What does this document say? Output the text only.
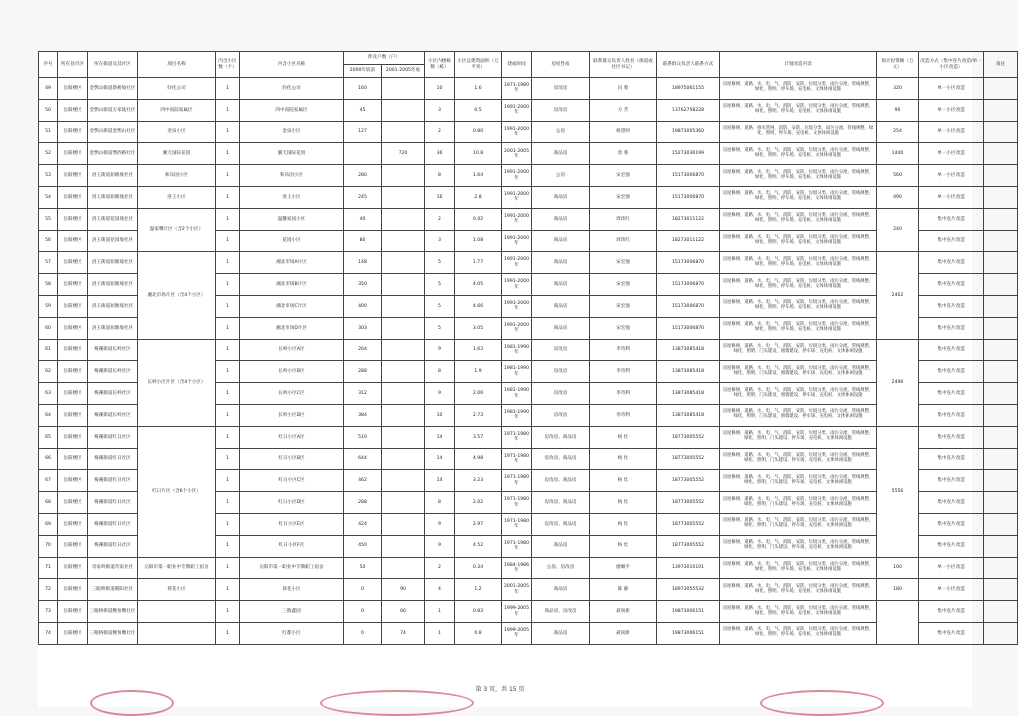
序号	所在县市区	所在街道及其社区	项目名称	内含小区数（个）	内含小区名称	涉及户数（户）		小区内楼栋数（栋）	小区总建筑面积（万平米）	建成时间	房屋性质	联系群众负责人姓名（街道或社区书记）	联系群众负责人联系方式	计划改造内容	预计投资额（万元）	改造方式（集中连片改造/单一小区改造）	备注
						2000年底前	2001-2005年底										
49	岳阳楼区	金鹗山街道新桥坡社区	轻化公司	1	轻化公司	160		10	1.6	1971-1980年	房改房	冯 蓉	18975061155	房屋修缮、道路、水、电、气、消防、安防、垃圾分类、雨污分流、管线规整、绿化、照明、停车场、充电桩、文体休闲设施	320	单一小区改造	
50	岳阳楼区	金鹗山街道万家垅社区	四中南院家属区	1	四中南院家属区	45		3	0.5	1991-2000年	房改房	方 芳	13762758228	房屋修缮、道路、水、电、气、消防、安防、垃圾分类、雨污分流、管线规整、绿化、照明、停车场、充电桩、文体休闲设施	90	单一小区改造	
51	岳阳楼区	金鹗山街道金鹗山社区	金泉小区	1	金泉小区	127		2	0.80	1991-2000年	公房	杨望则	19873005360	房屋修缮、道路、排水管网、消防、安防、垃圾分类、雨污分流、管线规整、绿化、照明、停车场、充电桩、文体休闲设施	254	单一小区改造	
52	岳阳楼区	金鹗山街道鹗西路社区	湘天国际花园	1	湘天国际花园		720	36	10.8	2001-2005年	商品房	余 蓉	15273036199	房屋修缮、道路、水、电、气、消防、安防、垃圾分类、雨污分流、管线规整、绿化、照明、停车场、充电桩、文体休闲设施	1440	单一小区改造	
53	岳阳楼区	洛王街道屈塘坡社区	和乐园小区	1	和乐园小区	280		8	1.64	1991-2000年	公房	宋宏强	15173006870	房屋修缮、道路、水、电、气、消防、安防、垃圾分类、雨污分流、管线规整、绿化、照明、停车场、充电桩、文体休闲设施	560	单一小区改造	
54	岳阳楼区	洛王街道屈塘坡社区	洛王小区	1	洛王小区	245		16	2.8	1991-2000年	商品房	宋宏强	15173006870	房屋修缮、道路、水、电、气、消防、安防、垃圾分类、雨污分流、管线规整、绿化、照明、停车场、充电桩、文体休闲设施	490	单一小区改造	
55	岳阳楼区	洛王街道花园坡社区	温家嘴片区（含2个小区）	1	温馨家园小区	40		2	0.42	1991-2000年	商品房	周玮红	18273011122	房屋修缮、道路、水、电、气、消防、安防、垃圾分类、雨污分流、管线规整、绿化、照明、停车场、充电桩、文体休闲设施	240	集中连片改造	
56	岳阳楼区	洛王街道花园坡社区		1	花园小区	80		3	1.08	1991-2000年	商品房	周玮红	18273011122	房屋修缮、道路、水、电、气、消防、安防、垃圾分类、雨污分流、管线规整、绿化、照明、停车场、充电桩、文体休闲设施		集中连片改造	
57	岳阳楼区	洛王街道屈塘坡社区	湘北市场片区（含4个小区）	1	湘北市场A片区	148		5	1.77	1991-2000年	商品房	宋宏强	15173006870	房屋修缮、道路、水、电、气、消防、安防、垃圾分类、雨污分流、管线规整、绿化、照明、停车场、充电桩、文体休闲设施	2402	集中连片改造	
58	岳阳楼区	洛王街道屈塘坡社区		1	湘北市场B片区	350		5	4.05	1991-2000年	商品房	宋宏强	15173006870	房屋修缮、道路、水、电、气、消防、安防、垃圾分类、雨污分流、管线规整、绿化、照明、停车场、充电桩、文体休闲设施		集中连片改造	
59	岳阳楼区	洛王街道屈塘坡社区		1	湘北市场C片区	400		5	4.66	1991-2000年	商品房	宋宏强	15173006870	房屋修缮、道路、水、电、气、消防、安防、垃圾分类、雨污分流、管线规整、绿化、照明、停车场、充电桩、文体休闲设施		集中连片改造	
60	岳阳楼区	洛王街道屈塘坡社区		1	湘北市场D片区	303		5	3.05	1991-2000年	商品房	宋宏强	15173006870	房屋修缮、道路、水、电、气、消防、安防、垃圾分类、雨污分流、管线规整、绿化、照明、停车场、充电桩、文体休闲设施		集中连片改造	
61	岳阳楼区	梅溪街道长岭社区	长岭小区片区（含4个小区）	1	长岭小区A区	264		9	1.63	1981-1990年	房改房	李奇利	13873085418	房屋修缮、道路、水、电、气、消防、安防、垃圾分类、雨污分流、管线规整、绿化、照明、门头建设、围墙建设、停车场、充电桩、文体休闲设施	2496	集中连片改造	
62	岳阳楼区	梅溪街道长岭社区		1	长岭小区B区	288		8	1.9	1981-1990年	房改房	李奇利	13873085418	房屋修缮、道路、水、电、气、消防、安防、垃圾分类、雨污分流、管线规整、绿化、照明、门头建设、围墙建设、停车场、充电桩、文体休闲设施		集中连片改造	
63	岳阳楼区	梅溪街道长岭社区		1	长岭小区C区	312		9	2.06	1981-1990年	房改房	李奇利	13873085418	房屋修缮、道路、水、电、气、消防、安防、垃圾分类、雨污分流、管线规整、绿化、照明、门头建设、围墙建设、停车场、充电桩、文体休闲设施		集中连片改造	
64	岳阳楼区	梅溪街道长岭社区		1	长岭小区D区	384		10	2.73	1981-1990年	房改房	李奇利	13873085418	房屋修缮、道路、水、电、气、消防、安防、垃圾分类、雨污分流、管线规整、绿化、照明、门头建设、围墙建设、停车场、充电桩、文体休闲设施		集中连片改造	
65	岳阳楼区	梅溪街道红日社区	红日片区（含6个小区）	1	红日小区A区	510		14	3.57	1971-1980年	房改房、商品房	杨 灶	18773005552	房屋修缮、道路、水、电、气、消防、安防、垃圾分类、雨污分流、管线规整、绿化、照明、门头建设、停车场、充电桩、文体休闲设施	5556	集中连片改造	
66	岳阳楼区	梅溪街道红日社区		1	红日小区B区	644		14	4.98	1971-1980年	房改房、商品房	杨 灶	18773005552	房屋修缮、道路、水、电、气、消防、安防、垃圾分类、雨污分流、管线规整、绿化、照明、门头建设、停车场、充电桩、文体休闲设施		集中连片改造	
67	岳阳楼区	梅溪街道红日社区		1	红日小区C区	462		14	3.23	1971-1980年	房改房、商品房	杨 灶	18773005552	房屋修缮、道路、水、电、气、消防、安防、垃圾分类、雨污分流、管线规整、绿化、照明、门头建设、停车场、充电桩、文体休闲设施		集中连片改造	
68	岳阳楼区	梅溪街道红日社区		1	红日小区D区	288		8	2.02	1971-1980年	房改房、商品房	杨 灶	18773005552	房屋修缮、道路、水、电、气、消防、安防、垃圾分类、雨污分流、管线规整、绿化、照明、门头建设、停车场、充电桩、文体休闲设施		集中连片改造	
69	岳阳楼区	梅溪街道红日社区		1	红日小区E区	424		9	2.97	1971-1980年	房改房、商品房	杨 灶	18773005552	房屋修缮、道路、水、电、气、消防、安防、垃圾分类、雨污分流、管线规整、绿化、照明、门头建设、停车场、充电桩、文体休闲设施		集中连片改造	
70	岳阳楼区	梅溪街道红日社区		1	红日小区F区	450		9	4.52	1971-1980年	商品房	杨 灶	18773005552	房屋修缮、道路、水、电、气、消防、安防、垃圾分类、雨污分流、管线规整、绿化、照明、门头建设、停车场、充电桩、文体休闲设施		集中连片改造	
71	岳阳楼区	奇家岭街道奇家社区	岳阳市第一职业中专教职工宿舍	1	岳阳市第一职业中专教职工宿舍	50		2	0.34	1984-1986年	公房、房改房	廖佩平	13973010101	房屋修缮、道路、水、电、气、消防、安防、垃圾分类、雨污分流、管线规整、绿化、照明、停车场、充电桩、文体休闲设施	100	单一小区改造	
72	岳阳楼区	三眼桥街道朝阳社区	荷花小区	1	荷花小区	0	90	4	1.2	2001-2005年	商品房	陈 静	18973055532	房屋修缮、道路、水、电、气、消防、安防、垃圾分类、雨污分流、管线规整、绿化、照明、停车场、充电桩、文体休闲设施	180	单一小区改造	
73	岳阳楼区	三眼桥街道鲤鱼嘴社区		1	三熊鑫园	0	66	1	0.83	1999-2005年	商品房、房改房	聂尚新	19873006151	房屋修缮、道路、水、电、气、消防、安防、垃圾分类、雨污分流、管线规整、绿化、照明、停车场、充电桩、文体休闲设施		集中连片改造	
74	岳阳楼区	三眼桥街道鲤鱼嘴社区		1	红都小区	0	74	1	0.8	1999-2005年	商品房	聂尚新	19873006151	房屋修缮、道路、水、电、气、消防、安防、垃圾分类、雨污分流、管线规整、绿化、照明、停车场、充电桩、文体休闲设施		集中连片改造	
第 3 页，共 15 页
